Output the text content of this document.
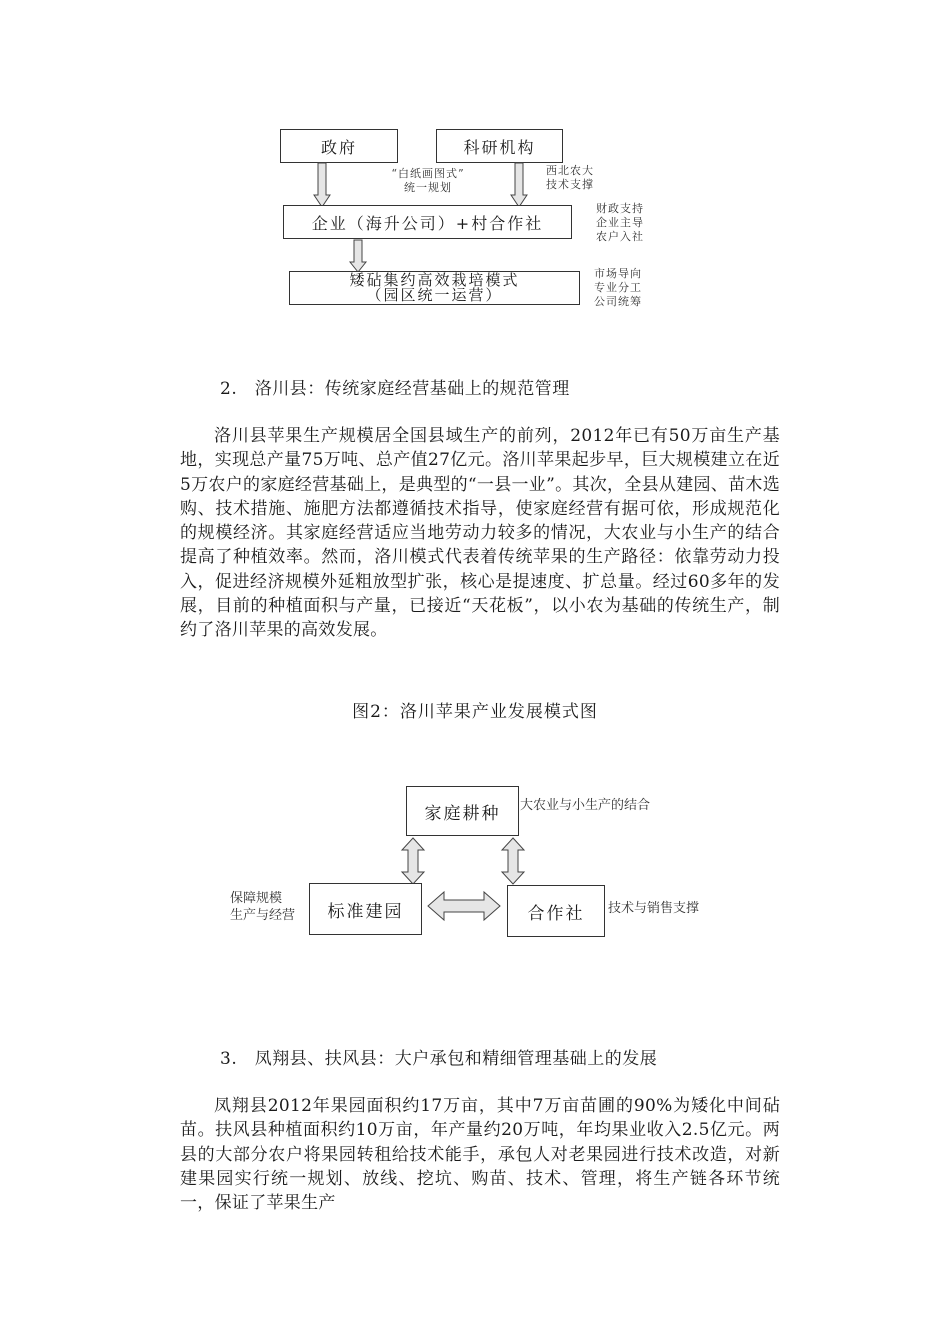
政府	科研机构
“白纸画图式”
统一规划
西北农大
技术支撑
企业（海升公司）+村合作社
财政支持
企业主导
农户入社
矮砧集约高效栽培模式
（园区统一运营）
市场导向
专业分工
公司统筹
2.　洛川县：传统家庭经营基础上的规范管理
洛川县苹果生产规模居全国县域生产的前列，2012年已有50万亩生产基地，实现总产量75万吨、总产值27亿元。洛川苹果起步早，巨大规模建立在近5万农户的家庭经营基础上，是典型的“一县一业”。其次，全县从建园、苗木选购、技术措施、施肥方法都遵循技术指导，使家庭经营有据可依，形成规范化的规模经济。其家庭经营适应当地劳动力较多的情况，大农业与小生产的结合提高了种植效率。然而，洛川模式代表着传统苹果的生产路径：依靠劳动力投入，促进经济规模外延粗放型扩张，核心是提速度、扩总量。经过60多年的发展，目前的种植面积与产量，已接近“天花板”，以小农为基础的传统生产，制约了洛川苹果的高效发展。
图2：洛川苹果产业发展模式图
家庭耕种 大农业与小生产的结合
保障规模
生产与经营 标准建园	合作社 技术与销售支撑
3.　凤翔县、扶风县：大户承包和精细管理基础上的发展
凤翔县2012年果园面积约17万亩，其中7万亩苗圃的90%为矮化中间砧苗。扶风县种植面积约10万亩，年产量约20万吨，年均果业收入2.5亿元。两县的大部分农户将果园转租给技术能手，承包人对老果园进行技术改造，对新建果园实行统一规划、放线、挖坑、购苗、技术、管理，将生产链各环节统一，保证了苹果生产
